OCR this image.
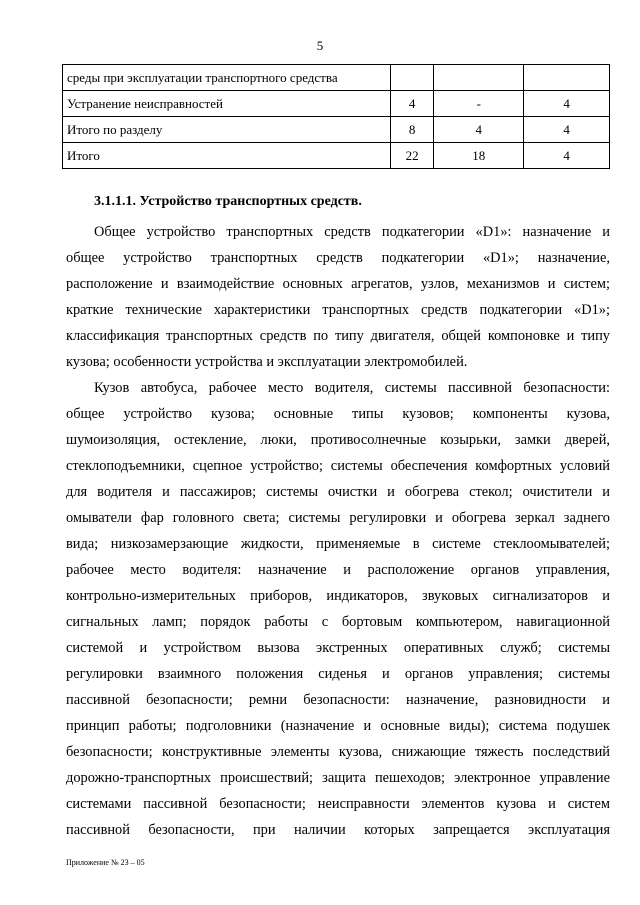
5
среды при эксплуатации транспортного средства			
Устранение неисправностей	4	-	4
Итого по разделу	8	4	4
Итого	22	18	4
3.1.1.1. Устройство транспортных средств.
Общее устройство транспортных средств подкатегории «D1»: назначение и
общее устройство транспортных средств подкатегории «D1»; назначение,
расположение и взаимодействие основных агрегатов, узлов, механизмов и систем;
краткие технические характеристики транспортных средств подкатегории «D1»;
классификация транспортных средств по типу двигателя, общей компоновке и типу
кузова; особенности устройства и эксплуатации электромобилей.
Кузов автобуса, рабочее место водителя, системы пассивной безопасности:
общее устройство кузова; основные типы кузовов; компоненты кузова,
шумоизоляция, остекление, люки, противосолнечные козырьки, замки дверей,
стеклоподъемники, сцепное устройство; системы обеспечения комфортных условий
для водителя и пассажиров; системы очистки и обогрева стекол; очистители и
омыватели фар головного света; системы регулировки и обогрева зеркал заднего
вида; низкозамерзающие жидкости, применяемые в системе стеклоомывателей;
рабочее место водителя: назначение и расположение органов управления,
контрольно-измерительных приборов, индикаторов, звуковых сигнализаторов и
сигнальных ламп; порядок работы с бортовым компьютером, навигационной
системой и устройством вызова экстренных оперативных служб; системы
регулировки взаимного положения сиденья и органов управления; системы
пассивной безопасности; ремни безопасности: назначение, разновидности и
принцип работы; подголовники (назначение и основные виды); система подушек
безопасности; конструктивные элементы кузова, снижающие тяжесть последствий
дорожно-транспортных происшествий; защита пешеходов; электронное управление
системами пассивной безопасности; неисправности элементов кузова и систем
пассивной безопасности, при наличии которых запрещается эксплуатация
Приложение № 23 – 05
